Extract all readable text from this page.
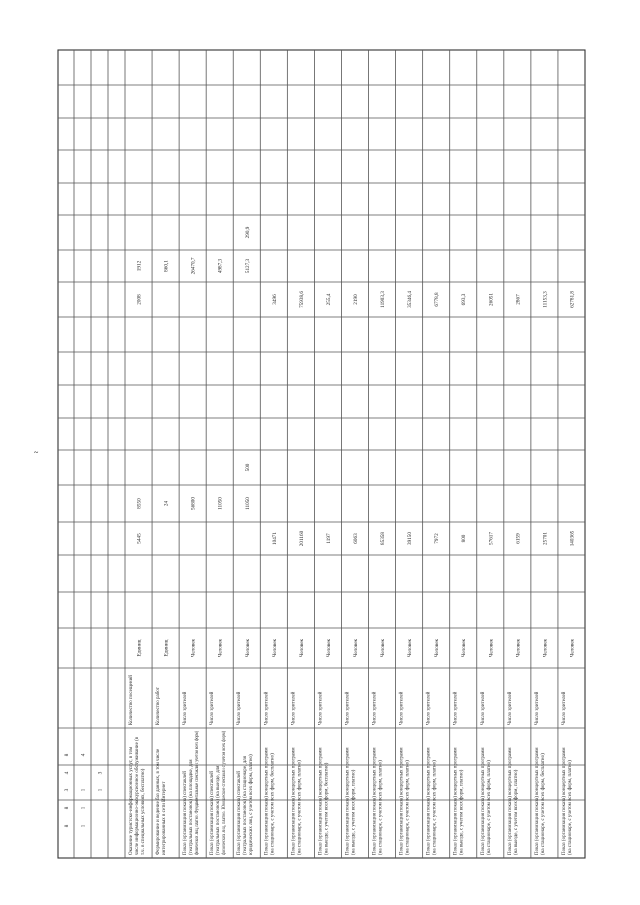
~
Оказание туристско-информационных услуг, в том числе информационно-экскурсионное обслуживание (в т.ч. в специальных условиях, бесплатно)
Количество посещений
Единиц
5445
8550
2008
1912
Формирование и ведение баз данных, в том числе интегрированных в сети Интернет
Количество работ
Единиц
24
860,1
Показ (организация показа) спектаклей (театральных постановок) (на площадке, для физических лиц, платно. Фундаментальные спектакли с учетом всех форм)
Число зрителей
Человек
56800
26470,7
Показ (организация показа) спектаклей (театральных постановок) (на выезде, для физических лиц, платно. Юношеские спектакли с учетом всех форм)
Число зрителей
Человек
11050
4987,3
Показ (организация показа) спектаклей (театральных постановок) (на стационаре, для юридических лиц, с учетом всех форм, платно)
Число зрителей
Человек
11050
500
5127,3
290,9
Показ (организация показа) концертных программ (на стационаре, с учетом всех форм, бесплатно)
Число зрителей
Человек
10471
3496
Показ (организация показа) концертных программ (на стационаре, с учетом всех форм, платно)
Число зрителей
Человек
201160
75938,6
Показ (организация показа) концертных программ (на выезде, с учетом всех форм, бесплатно)
Число зрителей
Человек
1197
255,4
Показ (организация показа) концертных программ (на выезде, с учетом всех форм, платно)
Число зрителей
Человек
6063
2190
Показ (организация показа) концертных программ (на стационаре, с учетом всех форм, платно)
Число зрителей
Человек
85358
11903,3
Показ (организация показа) концертных программ (на стационаре, с учетом всех форм, платно)
Число зрителей
Человек
39150
35346,4
Показ (организация показа) концертных программ (на стационаре, с учетом всех форм, платно)
Число зрителей
Человек
7972
6778,8
Показ (организация показа) концертных программ (на выезде, с учетом всех форм, платно)
Число зрителей
Человек
800
693,3
Показ (организация показа) концертных программ (на стационаре, с учетом всех форм, платно)
Число зрителей
Человек
57617
26051
Показ (организация показа) концертных программ (на выезде, с учетом всех форм, платно)
Число зрителей
Человек
6159
2867
Показ (организация показа) концертных программ (на стационаре, с учетом всех форм, бесплатно)
Число зрителей
Человек
25701
11153,3
Показ (организация показа) концертных программ (на стационаре, с учетом всех форм, платно)
Число зрителей
Человек
140365
62781,8
8 4
4	3
3 1 1
8 1
8 1
